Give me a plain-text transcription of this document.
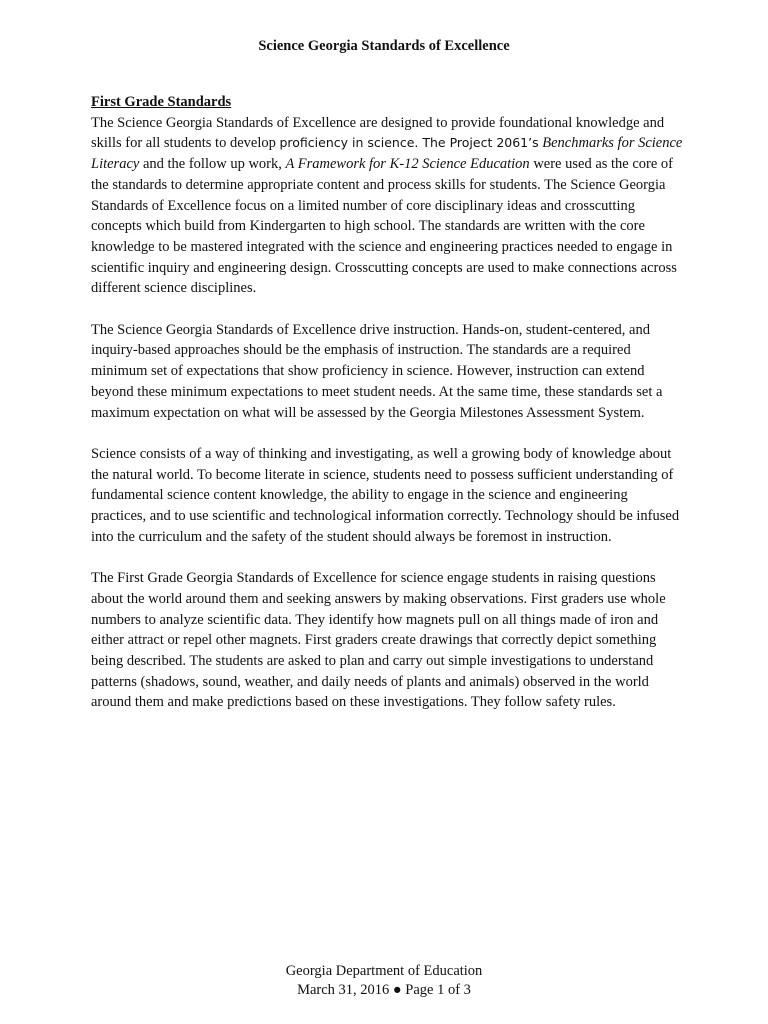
Science Georgia Standards of Excellence
First Grade Standards

The Science Georgia Standards of Excellence are designed to provide foundational knowledge and skills for all students to develop proficiency in science. The Project 2061’s Benchmarks for Science Literacy and the follow up work, A Framework for K-12 Science Education were used as the core of the standards to determine appropriate content and process skills for students. The Science Georgia Standards of Excellence focus on a limited number of core disciplinary ideas and crosscutting concepts which build from Kindergarten to high school. The standards are written with the core knowledge to be mastered integrated with the science and engineering practices needed to engage in scientific inquiry and engineering design. Crosscutting concepts are used to make connections across different science disciplines.

The Science Georgia Standards of Excellence drive instruction. Hands-on, student-centered, and inquiry-based approaches should be the emphasis of instruction. The standards are a required minimum set of expectations that show proficiency in science. However, instruction can extend beyond these minimum expectations to meet student needs. At the same time, these standards set a maximum expectation on what will be assessed by the Georgia Milestones Assessment System.

Science consists of a way of thinking and investigating, as well a growing body of knowledge about the natural world. To become literate in science, students need to possess sufficient understanding of fundamental science content knowledge, the ability to engage in the science and engineering practices, and to use scientific and technological information correctly. Technology should be infused into the curriculum and the safety of the student should always be foremost in instruction.

The First Grade Georgia Standards of Excellence for science engage students in raising questions about the world around them and seeking answers by making observations. First graders use whole numbers to analyze scientific data. They identify how magnets pull on all things made of iron and either attract or repel other magnets. First graders create drawings that correctly depict something being described. The students are asked to plan and carry out simple investigations to understand patterns (shadows, sound, weather, and daily needs of plants and animals) observed in the world around them and make predictions based on these investigations. They follow safety rules.

Georgia Department of Education
March 31, 2016 ● Page 1 of 3
